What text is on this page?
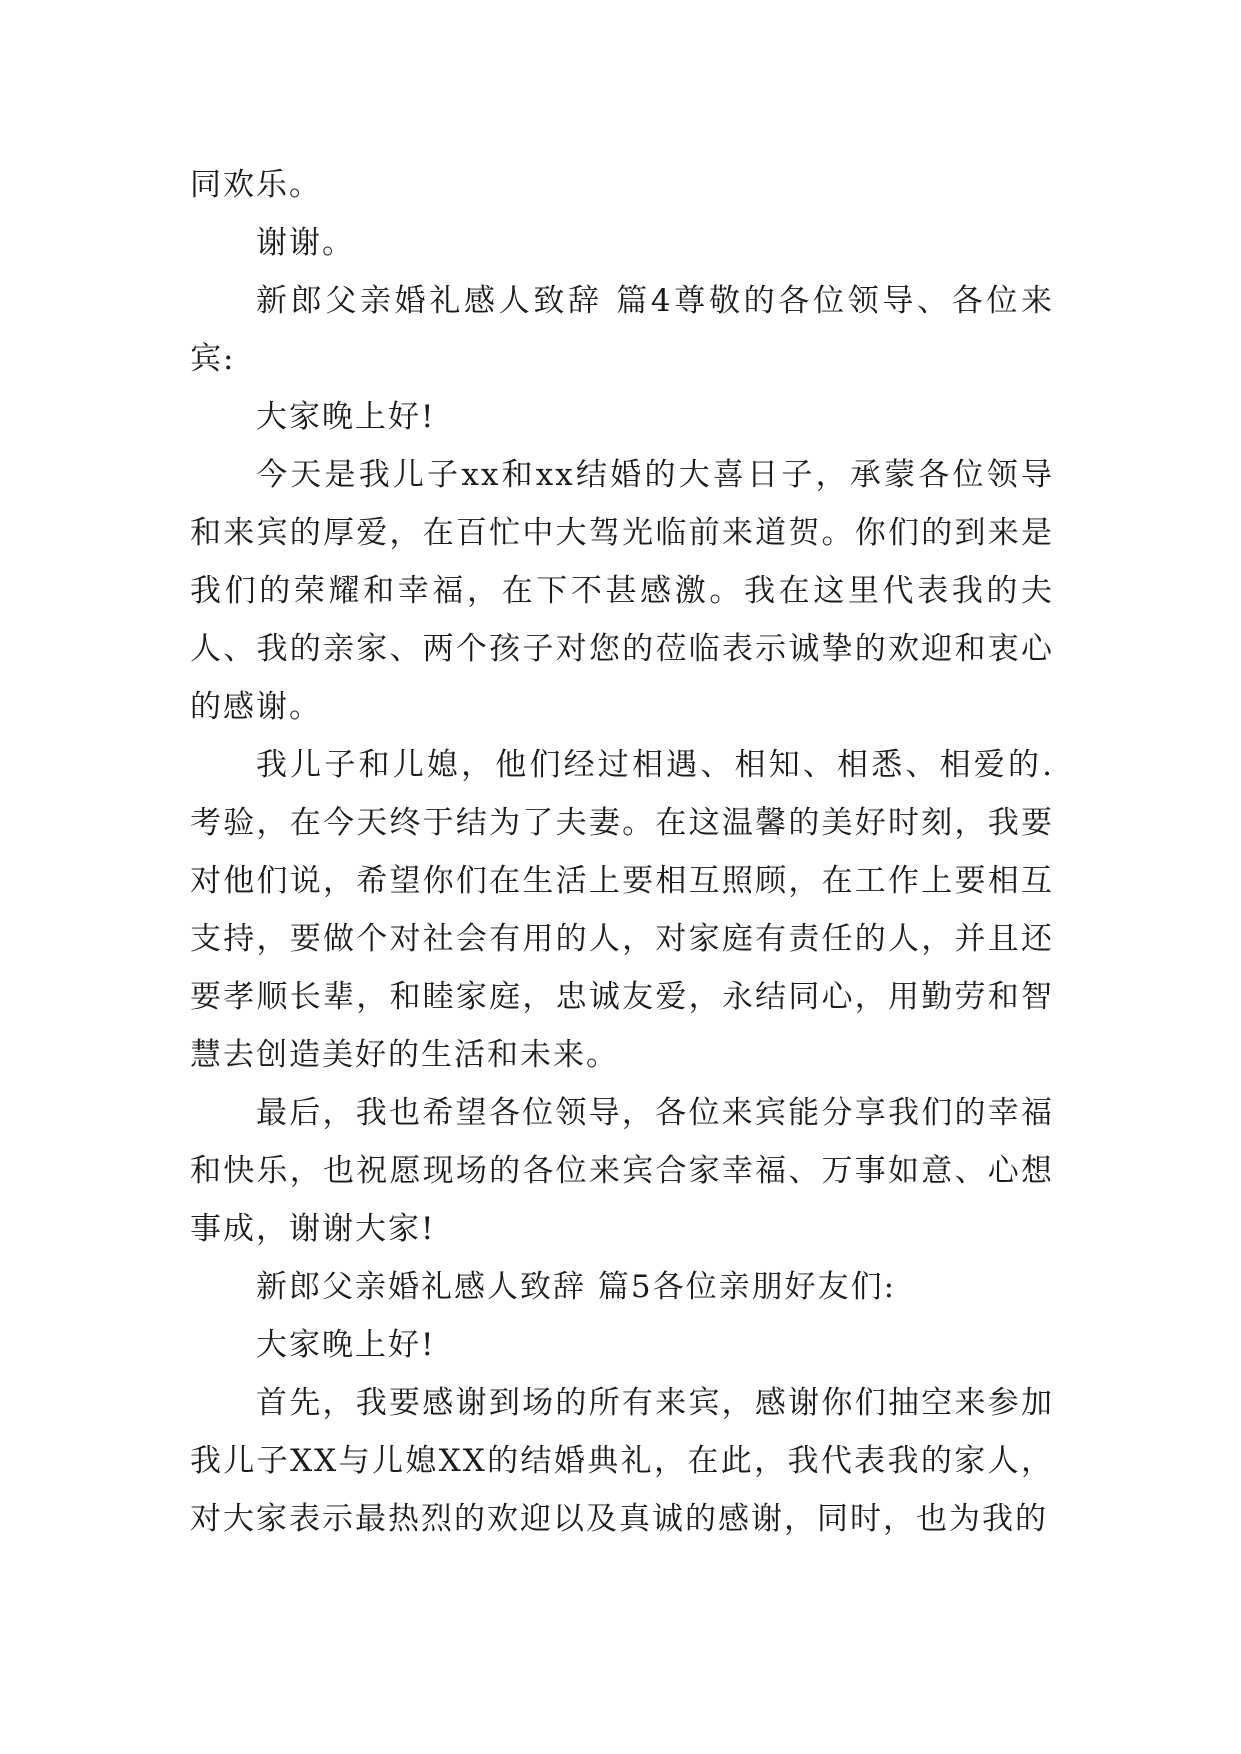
同欢乐。

谢谢。

新郎父亲婚礼感人致辞 篇4尊敬的各位领导、各位来宾:

大家晚上好!

今天是我儿子xx和xx结婚的大喜日子，承蒙各位领导和来宾的厚爱，在百忙中大驾光临前来道贺。你们的到来是我们的荣耀和幸福，在下不甚感激。我在这里代表我的夫人、我的亲家、两个孩子对您的莅临表示诚挚的欢迎和衷心的感谢。

我儿子和儿媳，他们经过相遇、相知、相悉、相爱的.考验，在今天终于结为了夫妻。在这温馨的美好时刻，我要对他们说，希望你们在生活上要相互照顾，在工作上要相互支持，要做个对社会有用的人，对家庭有责任的人，并且还要孝顺长辈，和睦家庭，忠诚友爱，永结同心，用勤劳和智慧去创造美好的生活和未来。

最后，我也希望各位领导，各位来宾能分享我们的幸福和快乐，也祝愿现场的各位来宾合家幸福、万事如意、心想事成，谢谢大家!

新郎父亲婚礼感人致辞 篇5各位亲朋好友们:

大家晚上好!

首先，我要感谢到场的所有来宾，感谢你们抽空来参加我儿子XX与儿媳XX的结婚典礼，在此，我代表我的家人，对大家表示最热烈的欢迎以及真诚的感谢，同时，也为我的
